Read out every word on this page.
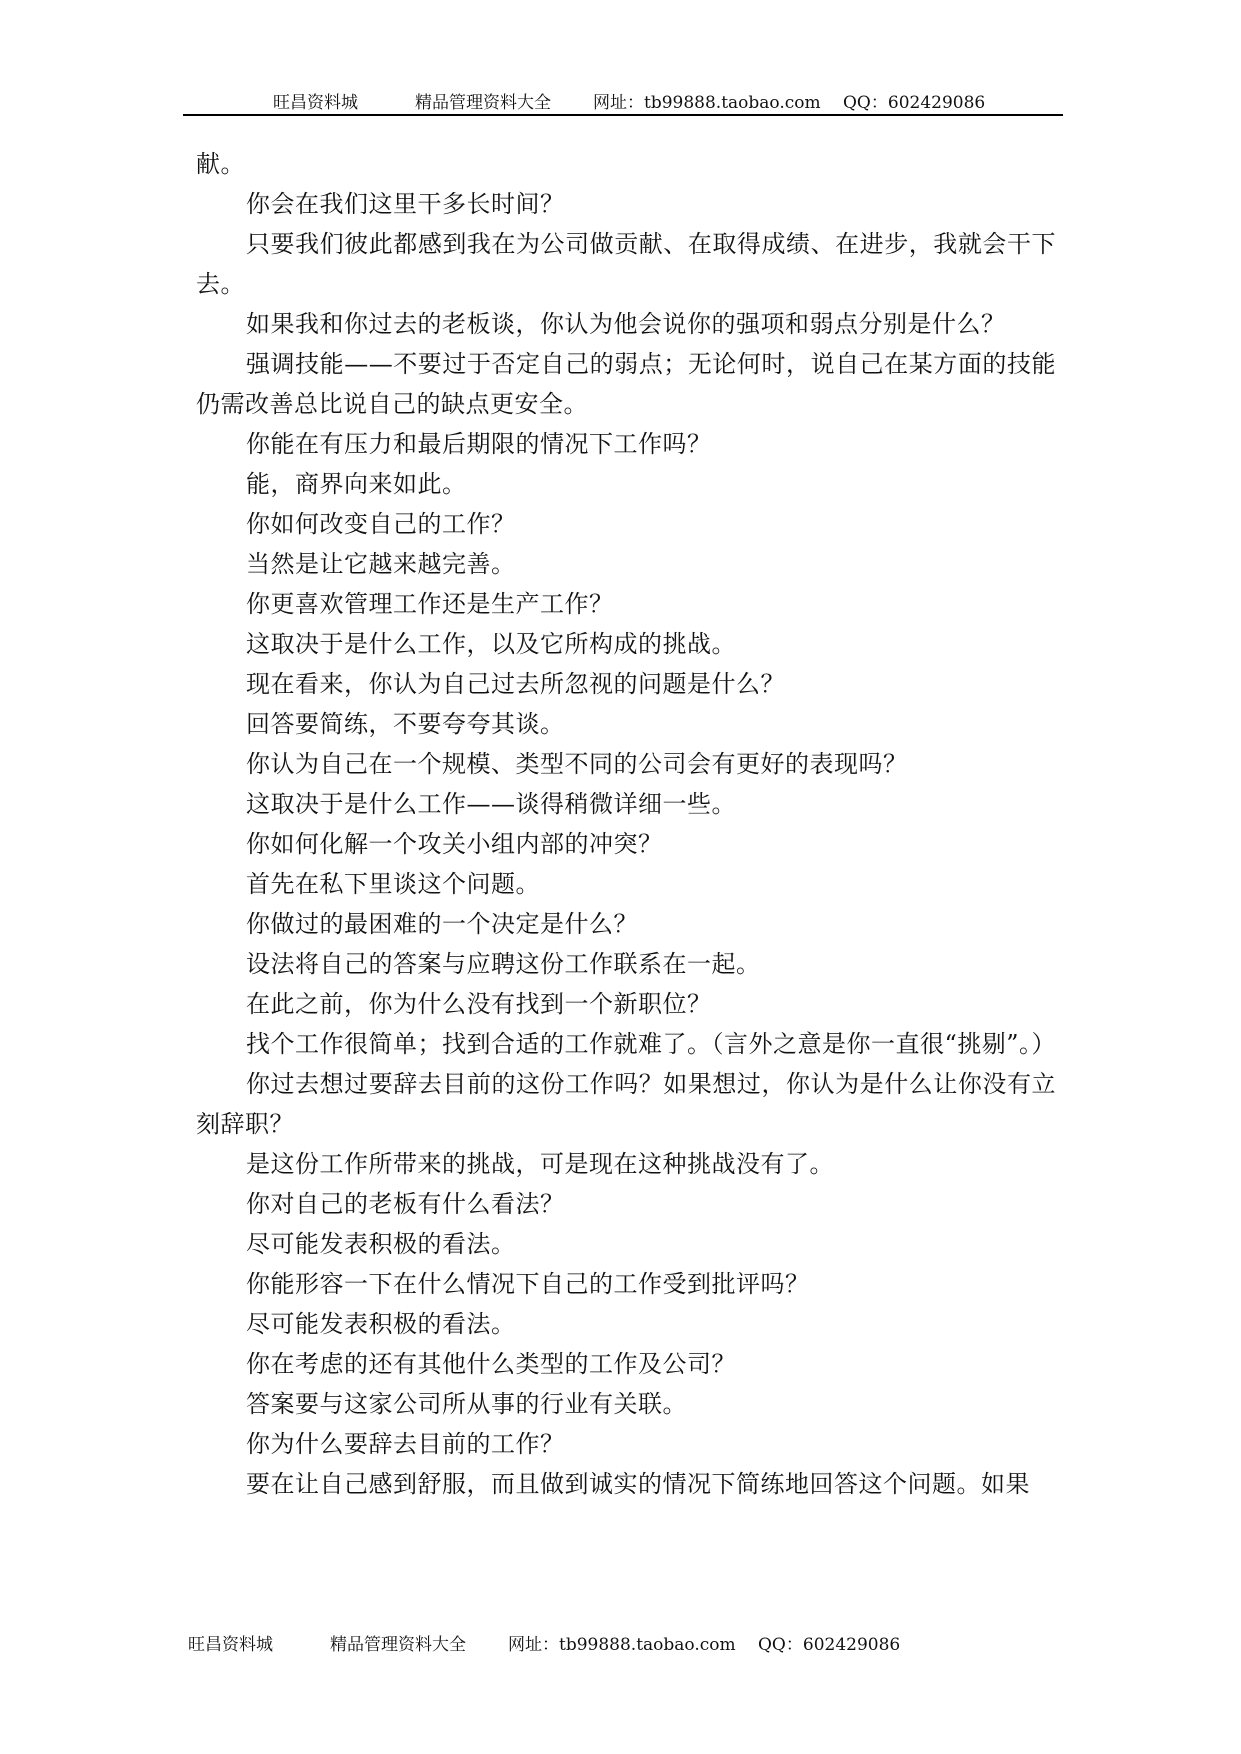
旺昌资料城	精品管理资料大全 网址：tb99888.taobao.com QQ：602429086

献。

你会在我们这里干多长时间？

只要我们彼此都感到我在为公司做贡献、在取得成绩、在进步，我就会干下去。

如果我和你过去的老板谈，你认为他会说你的强项和弱点分别是什么？

强调技能——不要过于否定自己的弱点；无论何时，说自己在某方面的技能仍需改善总比说自己的缺点更安全。

你能在有压力和最后期限的情况下工作吗？

能，商界向来如此。

你如何改变自己的工作？

当然是让它越来越完善。

你更喜欢管理工作还是生产工作？

这取决于是什么工作，以及它所构成的挑战。

现在看来，你认为自己过去所忽视的问题是什么？

回答要简练，不要夸夸其谈。

你认为自己在一个规模、类型不同的公司会有更好的表现吗？

这取决于是什么工作——谈得稍微详细一些。

你如何化解一个攻关小组内部的冲突？

首先在私下里谈这个问题。

你做过的最困难的一个决定是什么？

设法将自己的答案与应聘这份工作联系在一起。

在此之前，你为什么没有找到一个新职位？

找个工作很简单；找到合适的工作就难了。（言外之意是你一直很“挑剔”。）

你过去想过要辞去目前的这份工作吗？如果想过，你认为是什么让你没有立刻辞职？

是这份工作所带来的挑战，可是现在这种挑战没有了。

你对自己的老板有什么看法？

尽可能发表积极的看法。

你能形容一下在什么情况下自己的工作受到批评吗？

尽可能发表积极的看法。

你在考虑的还有其他什么类型的工作及公司？

答案要与这家公司所从事的行业有关联。

你为什么要辞去目前的工作？

要在让自己感到舒服，而且做到诚实的情况下简练地回答这个问题。如果

旺昌资料城	精品管理资料大全 网址：tb99888.taobao.com QQ：602429086
